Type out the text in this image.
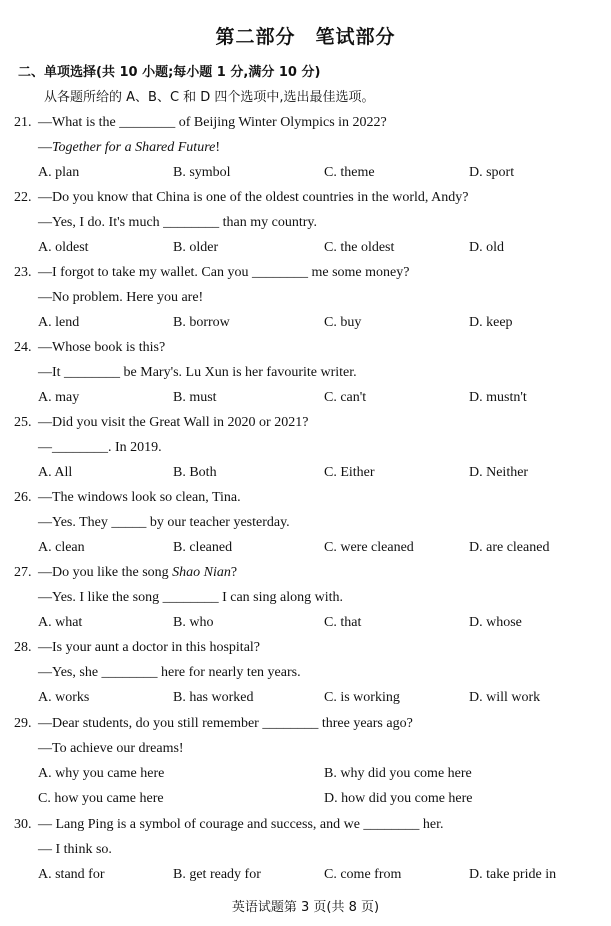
第二部分　笔试部分
二、单项选择(共 10 小题;每小题 1 分,满分 10 分)
从各题所给的 A、B、C 和 D 四个选项中,选出最佳选项。
21. —What is the ________ of Beijing Winter Olympics in 2022?
—Together for a Shared Future!
A. plan	B. symbol	C. theme	D. sport
22. —Do you know that China is one of the oldest countries in the world, Andy?
—Yes, I do. It's much ________ than my country.
A. oldest	B. older	C. the oldest	D. old
23. —I forgot to take my wallet. Can you ________ me some money?
—No problem. Here you are!
A. lend	B. borrow	C. buy	D. keep
24. —Whose book is this?
—It ________ be Mary's. Lu Xun is her favourite writer.
A. may	B. must	C. can't	D. mustn't
25. —Did you visit the Great Wall in 2020 or 2021?
—________. In 2019.
A. All	B. Both	C. Either	D. Neither
26. —The windows look so clean, Tina.
—Yes. They _____ by our teacher yesterday.
A. clean	B. cleaned	C. were cleaned	D. are cleaned
27. —Do you like the song Shao Nian?
—Yes. I like the song ________ I can sing along with.
A. what	B. who	C. that	D. whose
28. —Is your aunt a doctor in this hospital?
—Yes, she ________ here for nearly ten years.
A. works	B. has worked	C. is working	D. will work
29. —Dear students, do you still remember ________ three years ago?
—To achieve our dreams!
A. why you came here	B. why did you come here
C. how you came here	D. how did you come here
30. — Lang Ping is a symbol of courage and success, and we ________ her.
— I think so.
A. stand for	B. get ready for	C. come from	D. take pride in
英语试题第 3 页(共 8 页)
